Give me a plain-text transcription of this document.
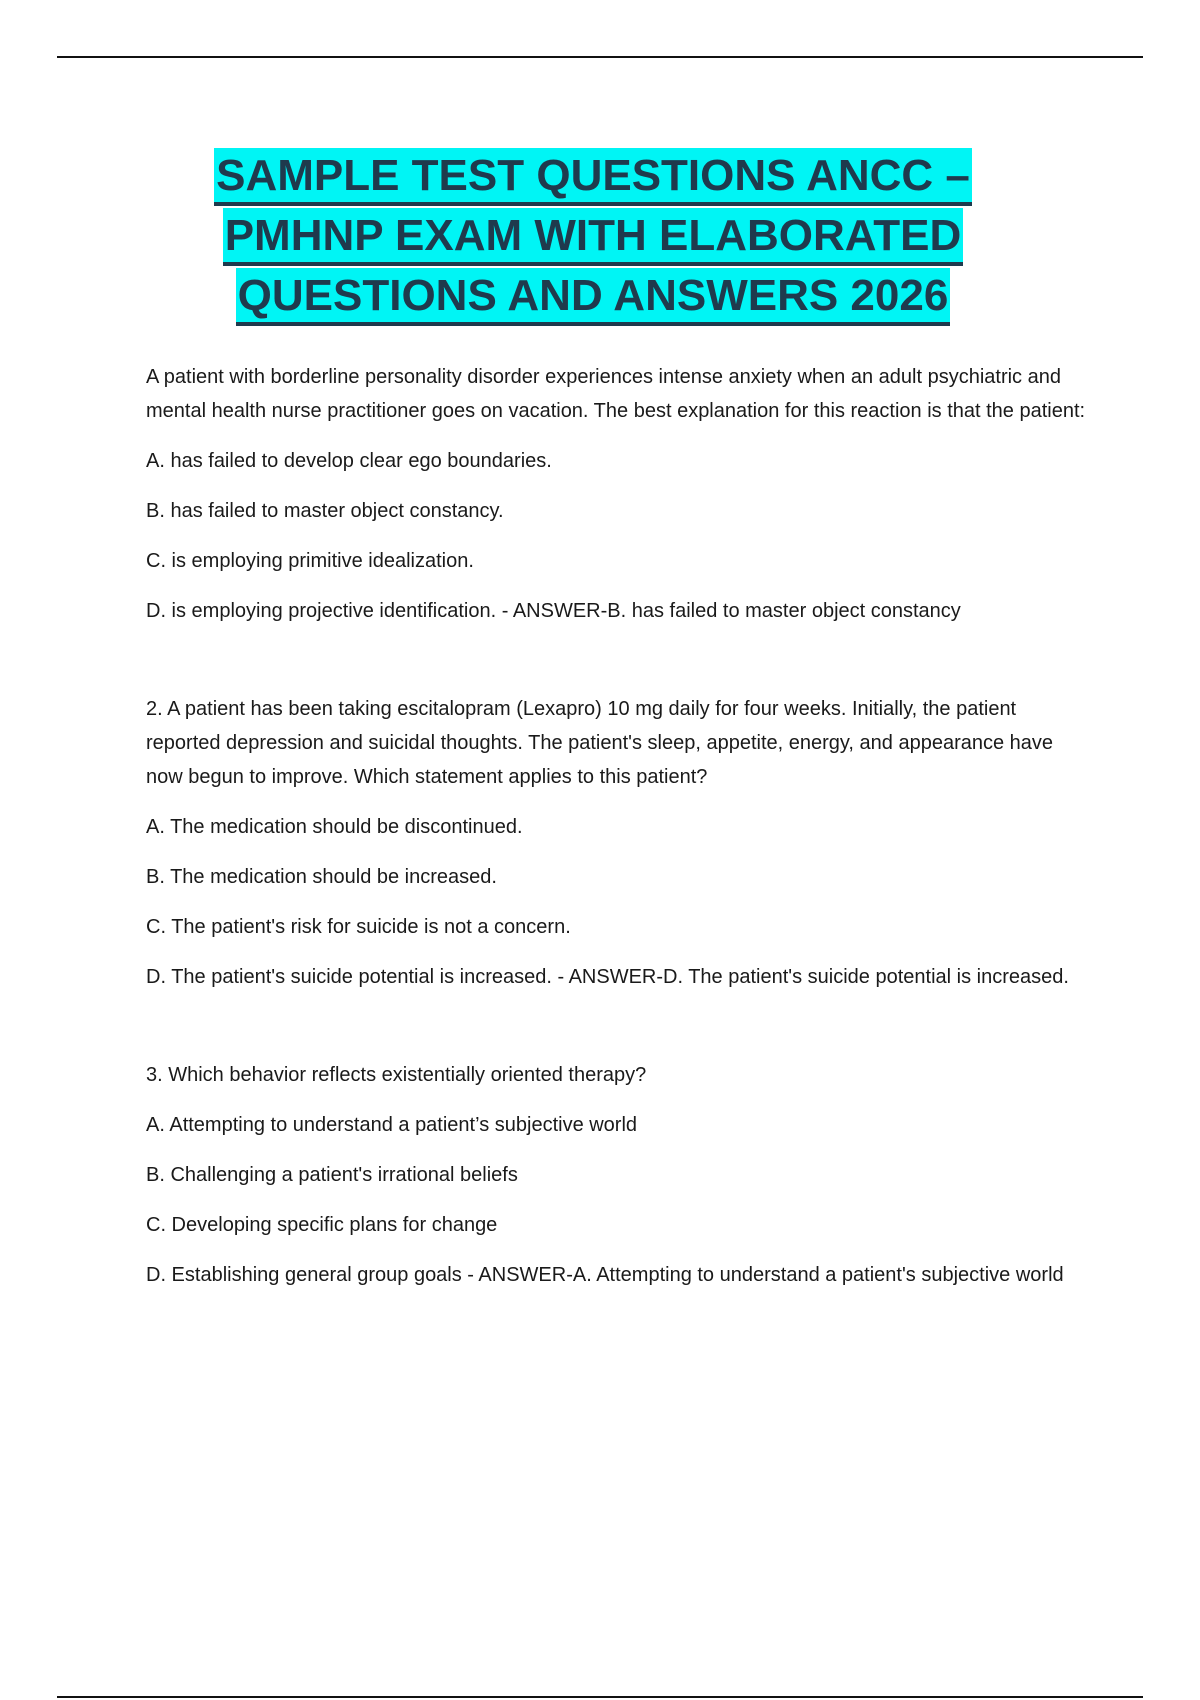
SAMPLE TEST QUESTIONS ANCC –
PMHNP EXAM WITH ELABORATED
QUESTIONS AND ANSWERS 2026

A patient with borderline personality disorder experiences intense anxiety when an adult psychiatric and mental health nurse practitioner goes on vacation. The best explanation for this reaction is that the patient:

A. has failed to develop clear ego boundaries.

B. has failed to master object constancy.

C. is employing primitive idealization.

D. is employing projective identification. - ANSWER-B. has failed to master object constancy

2. A patient has been taking escitalopram (Lexapro) 10 mg daily for four weeks. Initially, the patient reported depression and suicidal thoughts. The patient's sleep, appetite, energy, and appearance have now begun to improve. Which statement applies to this patient?

A. The medication should be discontinued.

B. The medication should be increased.

C. The patient's risk for suicide is not a concern.

D. The patient's suicide potential is increased. - ANSWER-D. The patient's suicide potential is increased.

3. Which behavior reflects existentially oriented therapy?

A. Attempting to understand a patient’s subjective world

B. Challenging a patient's irrational beliefs

C. Developing specific plans for change

D. Establishing general group goals - ANSWER-A. Attempting to understand a patient's subjective world
